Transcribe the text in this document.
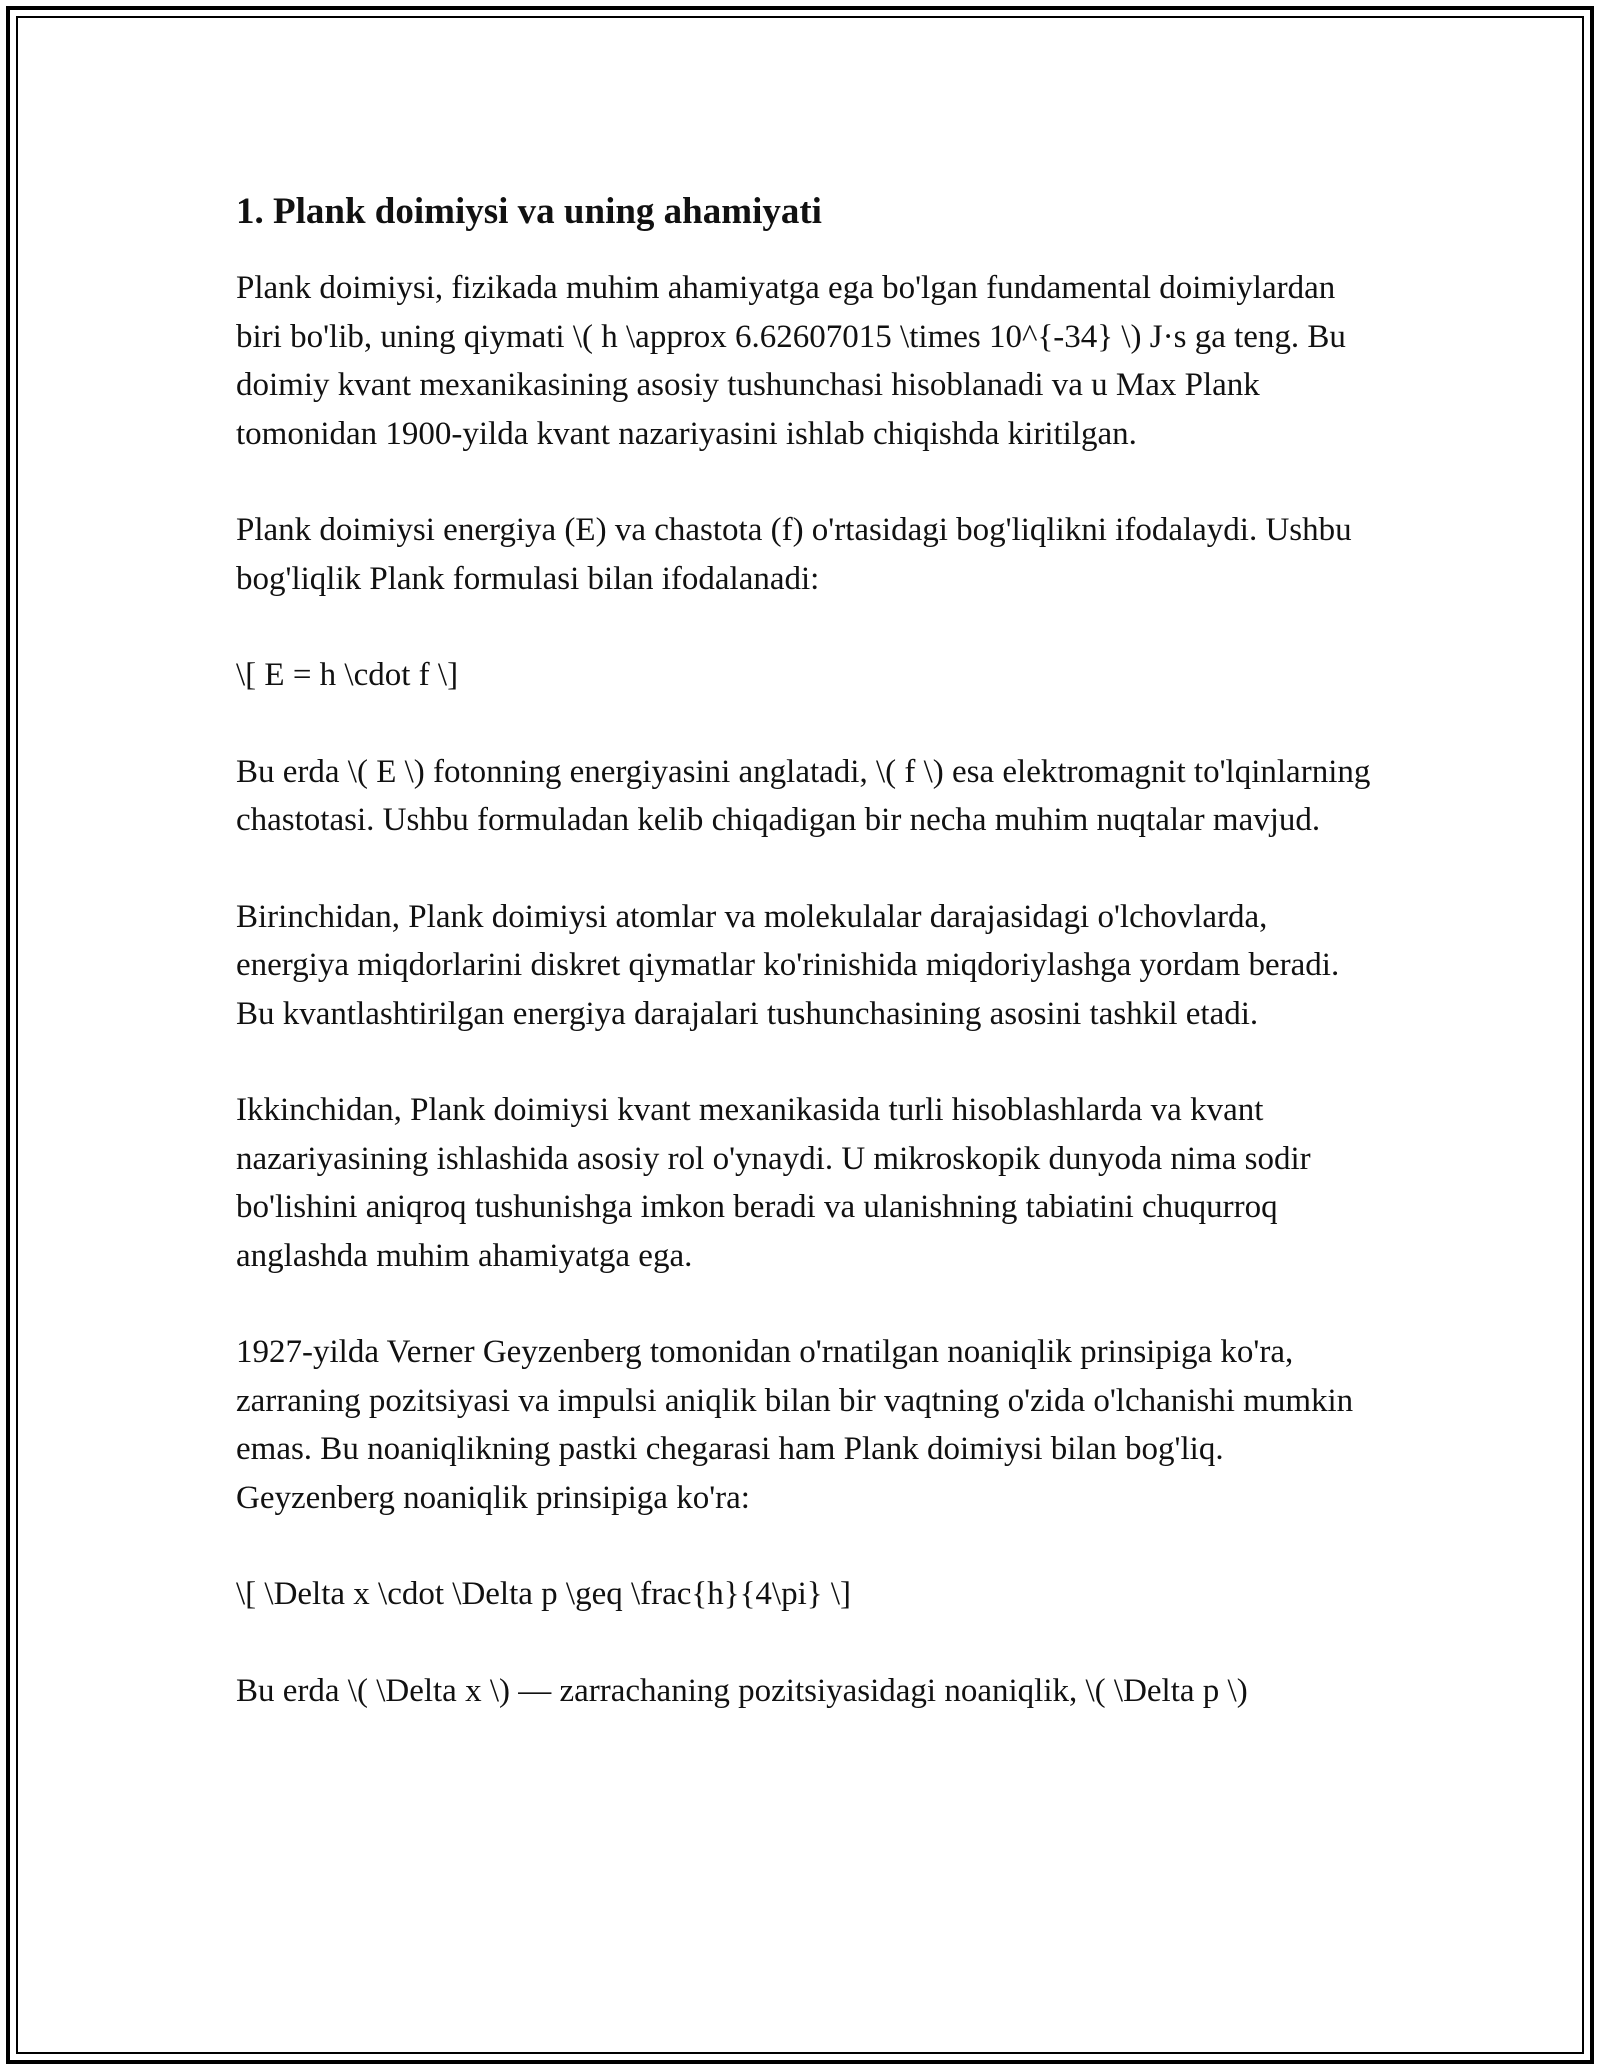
1. Plank doimiysi va uning ahamiyati

Plank doimiysi, fizikada muhim ahamiyatga ega bo'lgan fundamental doimiylardan biri bo'lib, uning qiymati \( h \approx 6.62607015 \times 10^{-34} \) J·s ga teng. Bu doimiy kvant mexanikasining asosiy tushunchasi hisoblanadi va u Max Plank tomonidan 1900-yilda kvant nazariyasini ishlab chiqishda kiritilgan.

Plank doimiysi energiya (E) va chastota (f) o'rtasidagi bog'liqlikni ifodalaydi. Ushbu bog'liqlik Plank formulasi bilan ifodalanadi:

\[ E = h \cdot f \]

Bu erda \( E \) fotonning energiyasini anglatadi, \( f \) esa elektromagnit to'lqinlarning chastotasi. Ushbu formuladan kelib chiqadigan bir necha muhim nuqtalar mavjud.

Birinchidan, Plank doimiysi atomlar va molekulalar darajasidagi o'lchovlarda, energiya miqdorlarini diskret qiymatlar ko'rinishida miqdoriylashga yordam beradi. Bu kvantlashtirilgan energiya darajalari tushunchasining asosini tashkil etadi.

Ikkinchidan, Plank doimiysi kvant mexanikasida turli hisoblashlarda va kvant nazariyasining ishlashida asosiy rol o'ynaydi. U mikroskopik dunyoda nima sodir bo'lishini aniqroq tushunishga imkon beradi va ulanishning tabiatini chuqurroq anglashda muhim ahamiyatga ega.

1927-yilda Verner Geyzenberg tomonidan o'rnatilgan noaniqlik prinsipiga ko'ra, zarraning pozitsiyasi va impulsi aniqlik bilan bir vaqtning o'zida o'lchanishi mumkin emas. Bu noaniqlikning pastki chegarasi ham Plank doimiysi bilan bog'liq. Geyzenberg noaniqlik prinsipiga ko'ra:

\[ \Delta x \cdot \Delta p \geq \frac{h}{4\pi} \]

Bu erda \( \Delta x \) — zarrachaning pozitsiyasidagi noaniqlik, \( \Delta p \)
